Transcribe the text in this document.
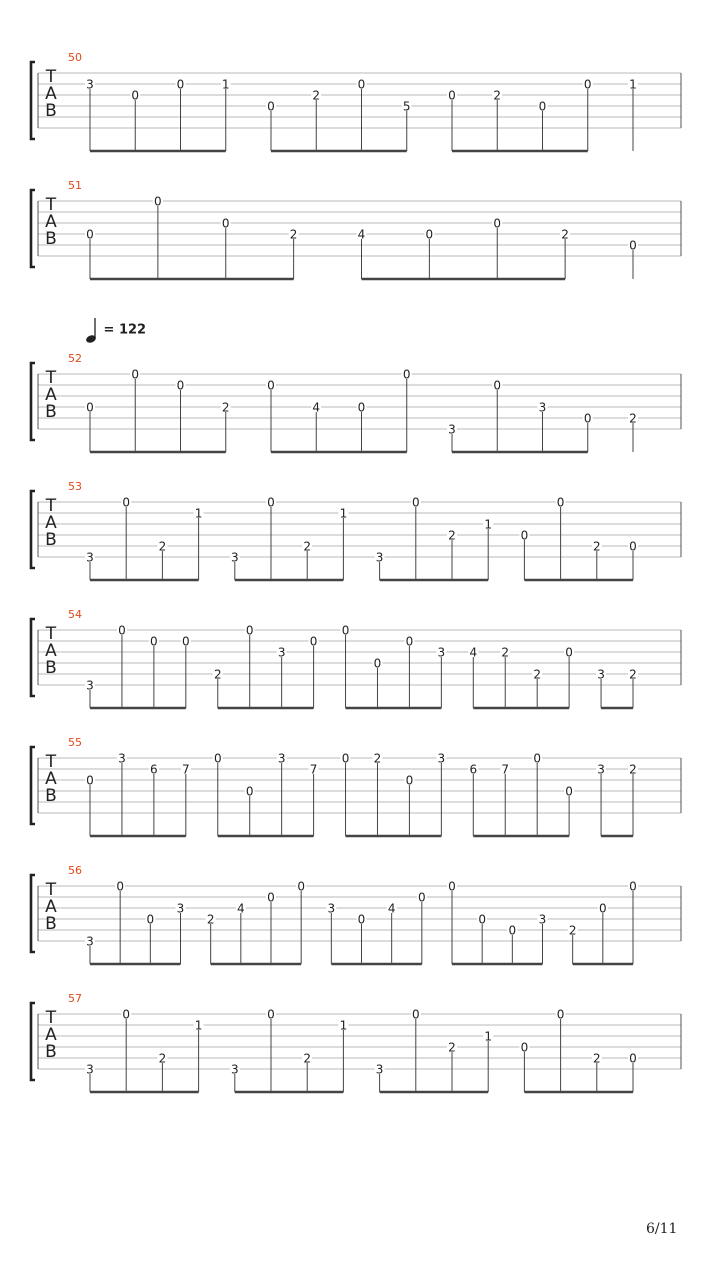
T
A
B
50
3
0
0	1
0
2
0
5
0	2
0
0	1
T
A
B
51
0
0
0
2	4	0
0
2
0
T
A
B
52
0
0
0
2
0
4	0
0
3
0
3
0	2
T
A
B
53
3
0
2
1
3
0
2
1
3
0
2
1
0
0
2 0
T
A
B
54
3
0
0 0
2
0
3
0
0
0
0
3 4 2
2
0
3 2
T
A
B
55
0
3
6 7
0
0
3
7
0 2
0
3
6 7
0
0
3 2
T
A
B
56
3
0
0
3
2
4
0
0
3
0
4
0
0
0
0
3
2
0
0
T
A
B
57
3
0
2
1
3
0
2
1
3
0
2
1
0
0
2 0
= 122
6/11
